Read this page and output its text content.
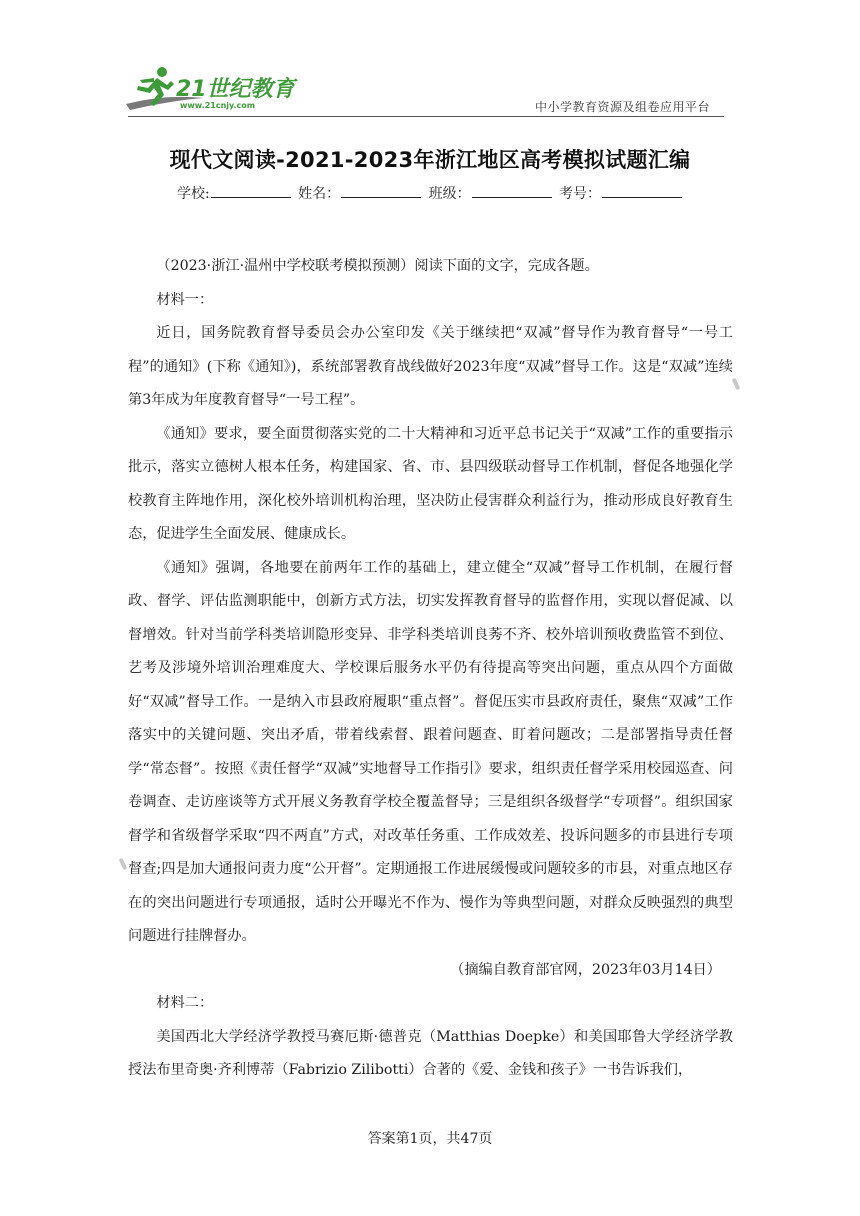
21世纪教育
www.21cnjy.com	中小学教育资源及组卷应用平台
现代文阅读-2021-2023年浙江地区高考模拟试题汇编
学校:	姓名：	班级：	考号：

（2023·浙江·温州中学校联考模拟预测）阅读下面的文字，完成各题。

材料一：

近日，国务院教育督导委员会办公室印发《关于继续把“双减”督导作为教育督导“一号工程”的通知》(下称《通知》)，系统部署教育战线做好2023年度“双减”督导工作。这是“双减”连续第3年成为年度教育督导“一号工程”。

《通知》要求，要全面贯彻落实党的二十大精神和习近平总书记关于“双减”工作的重要指示批示，落实立德树人根本任务，构建国家、省、市、县四级联动督导工作机制，督促各地强化学校教育主阵地作用，深化校外培训机构治理，坚决防止侵害群众利益行为，推动形成良好教育生态，促进学生全面发展、健康成长。

《通知》强调，各地要在前两年工作的基础上，建立健全“双减”督导工作机制，在履行督政、督学、评估监测职能中，创新方式方法，切实发挥教育督导的监督作用，实现以督促减、以督增效。针对当前学科类培训隐形变异、非学科类培训良莠不齐、校外培训预收费监管不到位、艺考及涉境外培训治理难度大、学校课后服务水平仍有待提高等突出问题，重点从四个方面做好“双减”督导工作。一是纳入市县政府履职“重点督”。督促压实市县政府责任，聚焦“双减”工作落实中的关键问题、突出矛盾，带着线索督、跟着问题查、盯着问题改；二是部署指导责任督学“常态督”。按照《责任督学“双减”实地督导工作指引》要求，组织责任督学采用校园巡查、问卷调查、走访座谈等方式开展义务教育学校全覆盖督导；三是组织各级督学“专项督”。组织国家督学和省级督学采取“四不两直”方式，对改革任务重、工作成效差、投诉问题多的市县进行专项督查;四是加大通报问责力度“公开督”。定期通报工作进展缓慢或问题较多的市县，对重点地区存在的突出问题进行专项通报，适时公开曝光不作为、慢作为等典型问题，对群众反映强烈的典型问题进行挂牌督办。

（摘编自教育部官网，2023年03月14日）

材料二：

美国西北大学经济学教授马赛厄斯·德普克（Matthias Doepke）和美国耶鲁大学经济学教授法布里奇奥·齐利博蒂（Fabrizio Zilibotti）合著的《爱、金钱和孩子》一书告诉我们，

答案第1页，共47页
